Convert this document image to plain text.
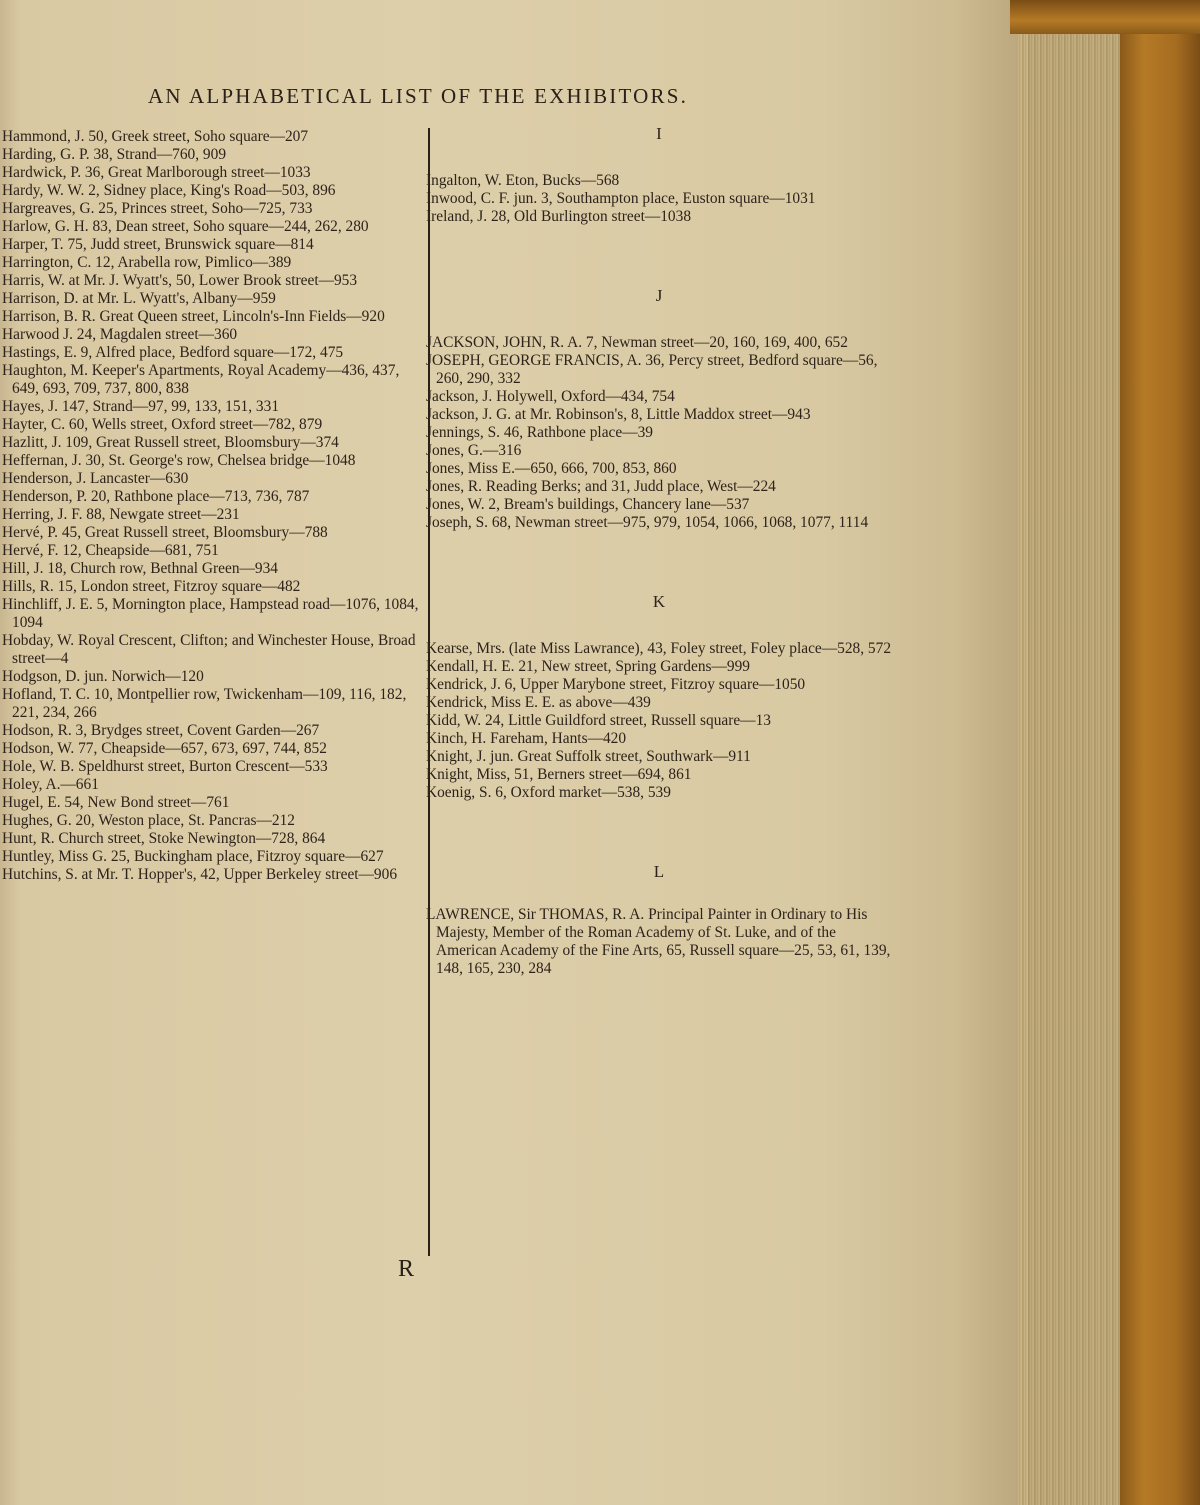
AN ALPHABETICAL LIST OF THE EXHIBITORS.

Hammond, J. 50, Greek street, Soho square—207

Harding, G. P. 38, Strand—760, 909

Hardwick, P. 36, Great Marlborough street—1033

Hardy, W. W. 2, Sidney place, King's Road—503, 896

Hargreaves, G. 25, Princes street, Soho—725, 733

Harlow, G. H. 83, Dean street, Soho square—244, 262, 280

Harper, T. 75, Judd street, Brunswick square—814

Harrington, C. 12, Arabella row, Pimlico—389

Harris, W. at Mr. J. Wyatt's, 50, Lower Brook street—953

Harrison, D. at Mr. L. Wyatt's, Albany—959

Harrison, B. R. Great Queen street, Lincoln's-Inn Fields—920

Harwood J. 24, Magdalen street—360

Hastings, E. 9, Alfred place, Bedford square—172, 475

Haughton, M. Keeper's Apartments, Royal Academy—436, 437, 649, 693, 709, 737, 800, 838

Hayes, J. 147, Strand—97, 99, 133, 151, 331

Hayter, C. 60, Wells street, Oxford street—782, 879

Hazlitt, J. 109, Great Russell street, Bloomsbury—374

Heffernan, J. 30, St. George's row, Chelsea bridge—1048

Henderson, J. Lancaster—630

Henderson, P. 20, Rathbone place—713, 736, 787

Herring, J. F. 88, Newgate street—231

Hervé, P. 45, Great Russell street, Bloomsbury—788

Hervé, F. 12, Cheapside—681, 751

Hill, J. 18, Church row, Bethnal Green—934

Hills, R. 15, London street, Fitzroy square—482

Hinchliff, J. E. 5, Mornington place, Hampstead road—1076, 1084, 1094

Hobday, W. Royal Crescent, Clifton; and Winchester House, Broad street—4

Hodgson, D. jun. Norwich—120

Hofland, T. C. 10, Montpellier row, Twickenham—109, 116, 182, 221, 234, 266

Hodson, R. 3, Brydges street, Covent Garden—267

Hodson, W. 77, Cheapside—657, 673, 697, 744, 852

Hole, W. B. Speldhurst street, Burton Crescent—533

Holey, A.—661

Hugel, E. 54, New Bond street—761

Hughes, G. 20, Weston place, St. Pancras—212

Hunt, R. Church street, Stoke Newington—728, 864

Huntley, Miss G. 25, Buckingham place, Fitzroy square—627

Hutchins, S. at Mr. T. Hopper's, 42, Upper Berkeley street—906

I

Ingalton, W. Eton, Bucks—568

Inwood, C. F. jun. 3, Southampton place, Euston square—1031

Ireland, J. 28, Old Burlington street—1038

J

JACKSON, JOHN, R. A. 7, Newman street—20, 160, 169, 400, 652

JOSEPH, GEORGE FRANCIS, A. 36, Percy street, Bedford square—56, 260, 290, 332

Jackson, J. Holywell, Oxford—434, 754

Jackson, J. G. at Mr. Robinson's, 8, Little Maddox street—943

Jennings, S. 46, Rathbone place—39

Jones, G.—316

Jones, Miss E.—650, 666, 700, 853, 860

Jones, R. Reading Berks; and 31, Judd place, West—224

Jones, W. 2, Bream's buildings, Chancery lane—537

Joseph, S. 68, Newman street—975, 979, 1054, 1066, 1068, 1077, 1114

K

Kearse, Mrs. (late Miss Lawrance), 43, Foley street, Foley place—528, 572

Kendall, H. E. 21, New street, Spring Gardens—999

Kendrick, J. 6, Upper Marybone street, Fitzroy square—1050

Kendrick, Miss E. E. as above—439

Kidd, W. 24, Little Guildford street, Russell square—13

Kinch, H. Fareham, Hants—420

Knight, J. jun. Great Suffolk street, Southwark—911

Knight, Miss, 51, Berners street—694, 861

Koenig, S. 6, Oxford market—538, 539

L

LAWRENCE, Sir THOMAS, R. A. Principal Painter in Ordinary to His Majesty, Member of the Roman Academy of St. Luke, and of the American Academy of the Fine Arts, 65, Russell square—25, 53, 61, 139, 148, 165, 230, 284

R
